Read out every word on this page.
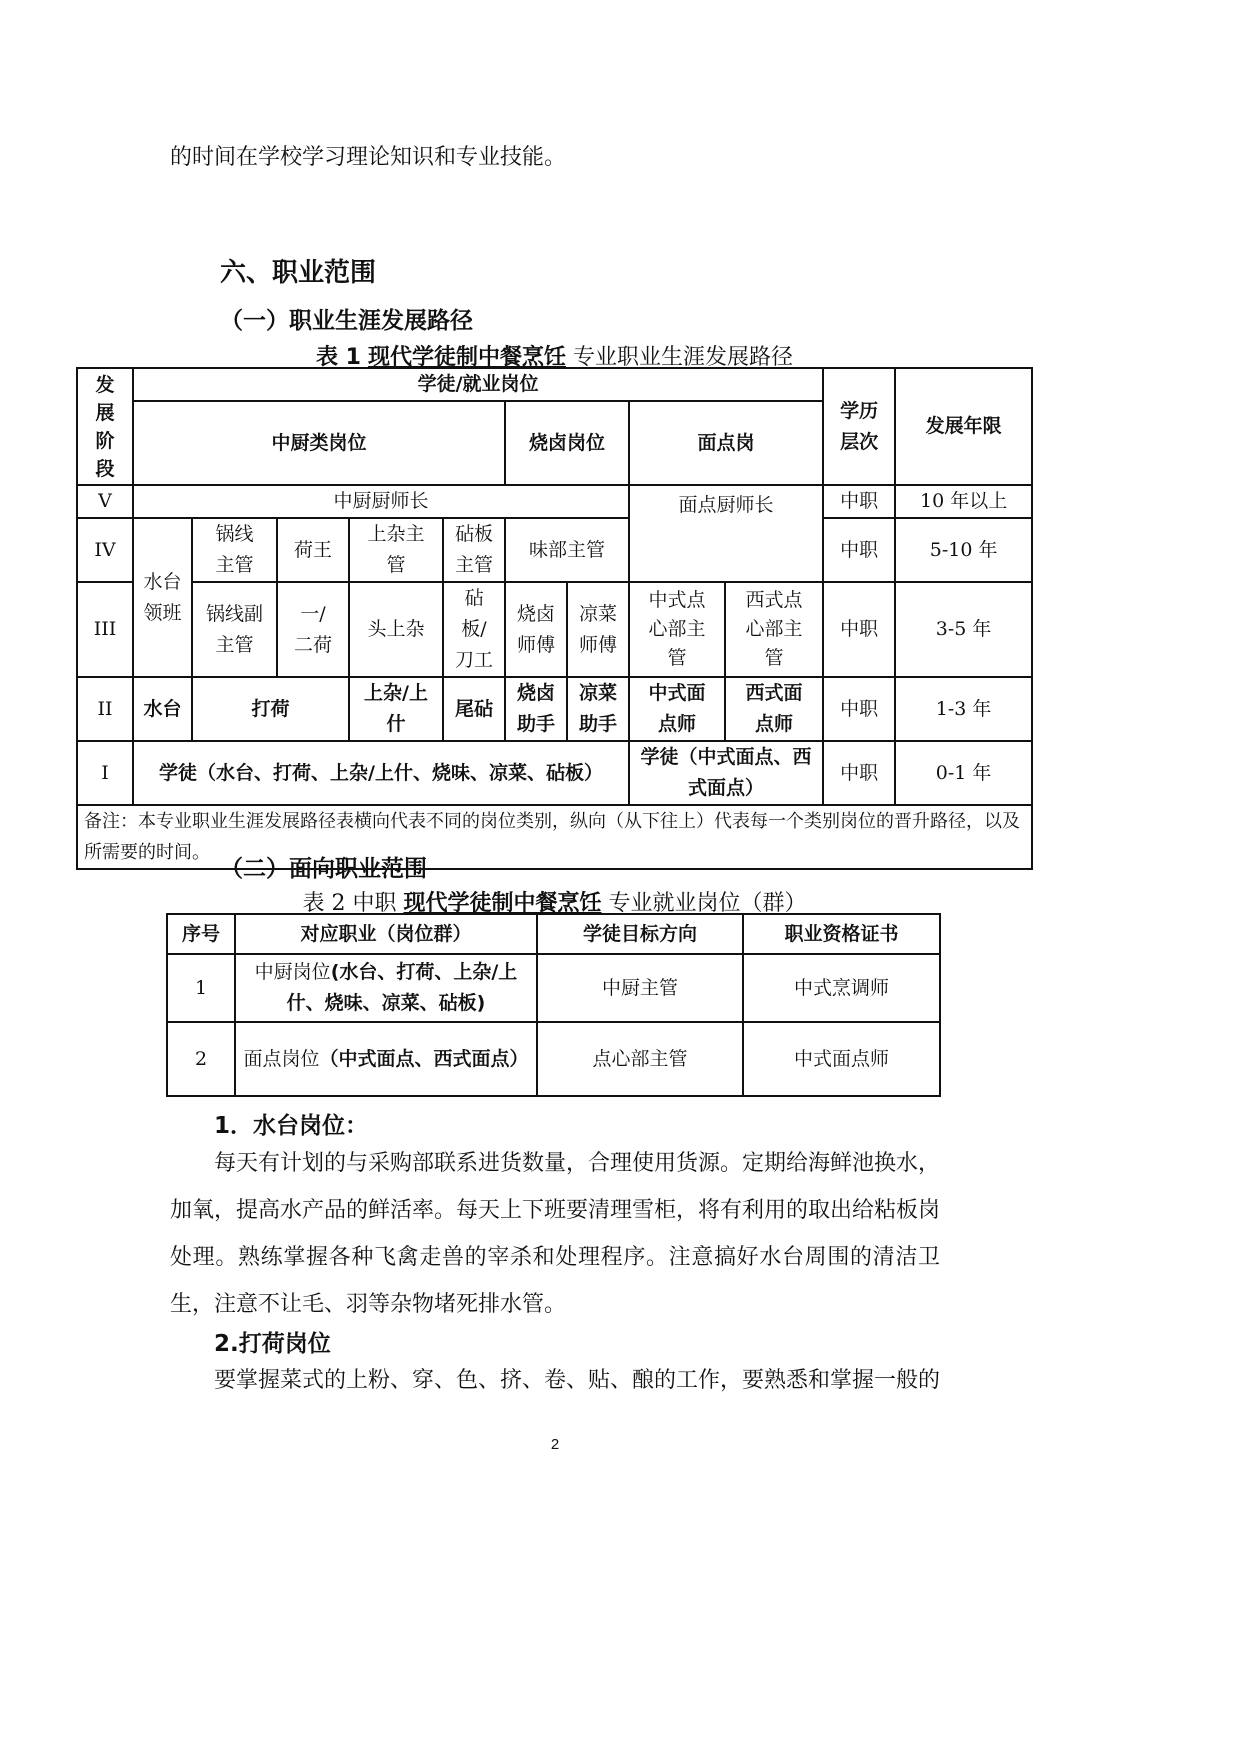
的时间在学校学习理论知识和专业技能。
六、职业范围
（一）职业生涯发展路径
表 1 现代学徒制中餐烹饪 专业职业生涯发展路径
发展阶段	学徒/就业岗位									学历层次	发展年限
	中厨类岗位					烧卤岗位		面点岗			
V	中厨厨师长							面点厨师长		中职	10 年以上
IV	水台领班	锅线主管	荷王	上杂主管	砧板主管	味部主管				中职	5-10 年
III		锅线副主管	一/二荷	头上杂	砧板/刀工	烧卤师傅	凉菜师傅	中式点心部主管	西式点心部主管	中职	3-5 年
II	水台	打荷		上杂/上什	尾砧	烧卤助手	凉菜助手	中式面点师	西式面点师	中职	1-3 年
I	学徒（水台、打荷、上杂/上什、烧味、凉菜、砧板）							学徒（中式面点、西式面点）		中职	0-1 年
备注：本专业职业生涯发展路径表横向代表不同的岗位类别，纵向（从下往上）代表每一个类别岗位的晋升路径，以及所需要的时间。											
（二）面向职业范围
表 2 中职 现代学徒制中餐烹饪 专业就业岗位（群）
序号	对应职业（岗位群）	学徒目标方向	职业资格证书
1	中厨岗位(水台、打荷、上杂/上什、烧味、凉菜、砧板)	中厨主管	中式烹调师
2	面点岗位（中式面点、西式面点）	点心部主管	中式面点师
1．水台岗位：
每天有计划的与采购部联系进货数量，合理使用货源。定期给海鲜池换水，加氧，提高水产品的鲜活率。每天上下班要清理雪柜，将有利用的取出给粘板岗处理。熟练掌握各种飞禽走兽的宰杀和处理程序。注意搞好水台周围的清洁卫生，注意不让毛、羽等杂物堵死排水管。
2.打荷岗位
要掌握菜式的上粉、穿、色、挤、卷、贴、酿的工作，要熟悉和掌握一般的
2
